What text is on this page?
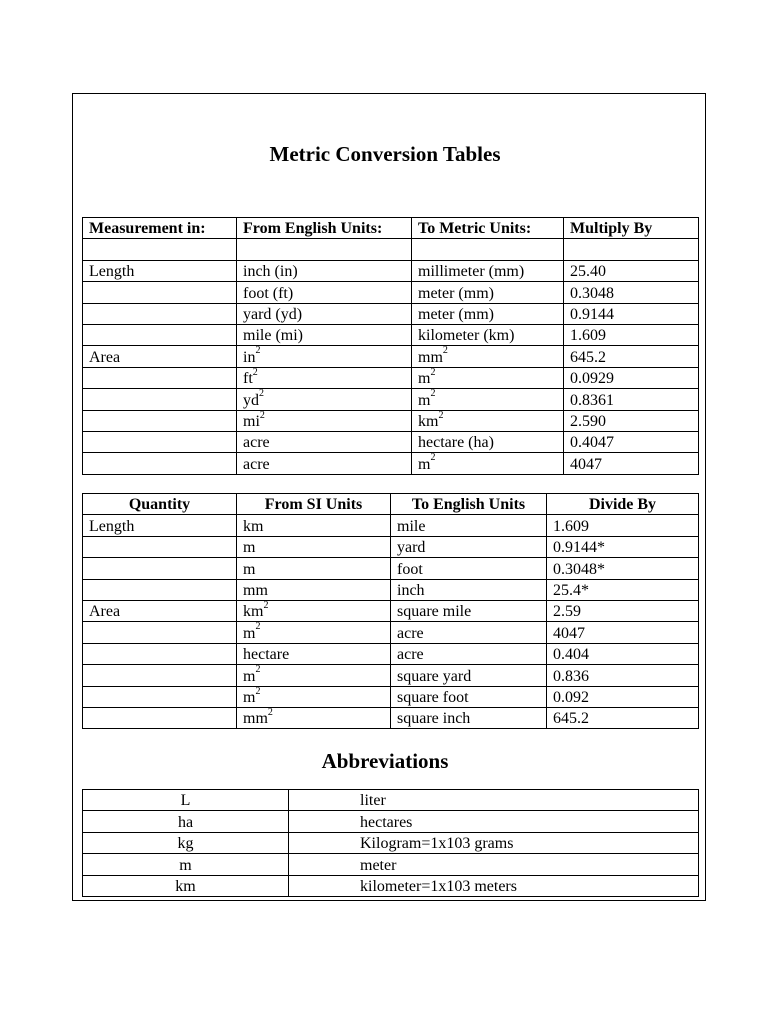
Metric Conversion Tables
Measurement in:	From English Units:	To Metric Units:	Multiply By

Length	inch (in)	millimeter (mm)	25.40
	foot (ft)	meter (mm)	0.3048
	yard (yd)	meter (mm)	0.9144
	mile (mi)	kilometer (km)	1.609
Area	$in^2$	$mm^2$	645.2
	$ft^2$	$m^2$	0.0929
	$yd^2$	$m^2$	0.8361
	$mi^2$	$km^2$	2.590
	acre	hectare (ha)	0.4047
	acre	$m^2$	4047
Quantity	From SI Units	To English Units	Divide By
Length	km	mile	1.609
	m	yard	0.9144*
	m	foot	0.3048*
	mm	inch	25.4*
Area	$km^2$	square mile	2.59
	$m^2$	acre	4047
	hectare	acre	0.404
	$m^2$	square yard	0.836
	$m^2$	square foot	0.092
	$mm^2$	square inch	645.2
Abbreviations
L	liter
ha	hectares
kg	Kilogram=1x103 grams
m	meter
km	kilometer=1x103 meters
